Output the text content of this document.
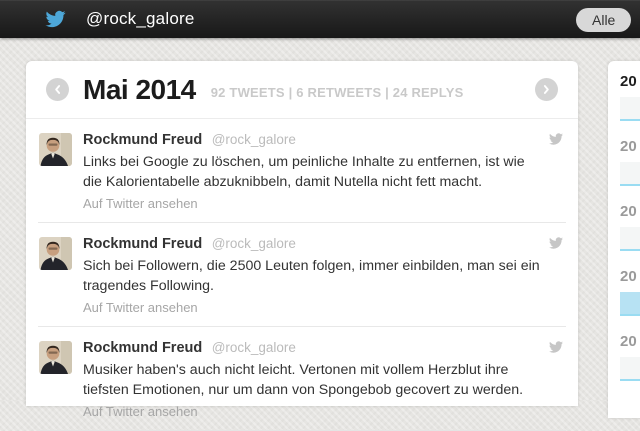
@rock_galore	Alle
Mai 2014 92 TWEETS | 6 RETWEETS | 24 REPLYS
Rockmund Freud @rock_galore

Links bei Google zu löschen, um peinliche Inhalte zu entfernen, ist wie die Kalorientabelle abzuknibbeln, damit Nutella nicht fett macht.

Auf Twitter ansehen
Rockmund Freud @rock_galore

Sich bei Followern, die 2500 Leuten folgen, immer einbilden, man sei ein tragendes Following.

Auf Twitter ansehen
Rockmund Freud @rock_galore

Musiker haben's auch nicht leicht. Vertonen mit vollem Herzblut ihre tiefsten Emotionen, nur um dann von Spongebob gecovert zu werden.

Auf Twitter ansehen
20
20
20
20
20
